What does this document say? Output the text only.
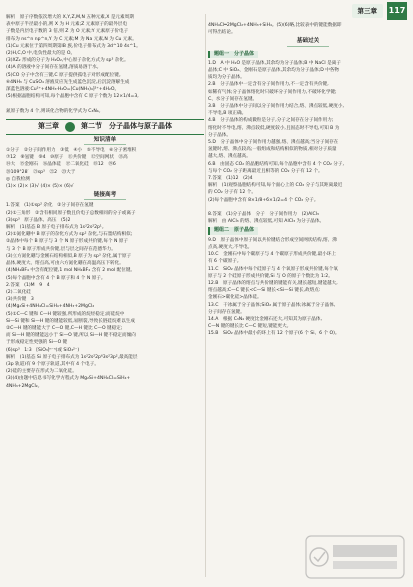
第三章	117
解析　原子序数依次增大的 X,Y,Z,M,N 五种元素,X 是元素周期
表中原子半径最小的,则 X 为 H 元素;Z 元素原子的最外层电
子数是内层电子数的 3 倍,则 Z 为 O 元素;Y 元素原子价电子
排布为 ns^n np^n,Y 为 C 元素;M 为 Na 元素,N 为 Cu 元素。
(1)Cu 元素位于第四周期第ⅠB 族,价电子排布式为 3d^10 4s^1。
(2)H,C,O 中,电负性最大的是 O。
(3)XZ₂ 形成的分子为 H₂O₂,中心原子杂化方式为 sp³ 杂化。
(4)A 的溶液中分子间存在氢键,溶质易溶于水。
(5)CO 分子中含有三键,C 原子提供孤电子对形成配位键。
⑥4NH₃ 与 CuSO₄ 溶液反应先生成蓝色沉淀,后沉淀溶解生成
深蓝色溶液:Cu²⁺+4NH₃·H₂O=[Cu(NH₃)₄]²⁺+4H₂O。
(5)根据晶胞结构可知,每个晶胞中含有 C 原子个数为 12×1/4=3,

氮原子数为 4 个,则该化合物的化学式为 C₃N₄。
第三章	第二节　分子晶体与原子晶体
知识清单
①分子　②分子间作用力　③低　④小　⑤不导电　⑥分子密堆积
⑦12　⑧氢键　⑨4　⑩原子　⑪共价键　⑫空间网状　⑬高
⑭大　⑮金刚石　⑯晶体硅　⑰二氧化硅　⑱12　⑲6
⑳109°28′　㉑sp³　㉒2　㉓大于
◎ 自我检测
(1)× (2)× (3)√ (4)× (5)× (6)√
链接高考
1.答案　(1)①sp² 杂化　②分子间存在氢键
(2)①三角形　②含有相同原子数且价电子总数相同的分子或离子
(3)sp³　原子晶体、高压　(5)2
解析　(1)基态 B 原子电子排布式为 1s²2s²2p¹。
(2)①氮化硼中 B 原子的杂化方式为 sp² 杂化,与石墨结构相似;
②晶体中每个 B 原子与 3 个 N 原子形成共价键,每个 N 原子
与 3 个 B 原子形成共价键,层与层之间存在范德华力。
(3)立方氮化硼与金刚石结构相似,B 原子为 sp³ 杂化,属于原子
晶体,硬度大、熔点高,可由六方氮化硼在高温高压下转化。
(4)NH₄BF₄ 中含有配位键,1 mol NH₄BF₄ 含有 2 mol 配位键。
(5)每个晶胞中含有 4 个 B 原子和 4 个 N 原子。
2.答案　(1)M　9　4
(2)二氧化硅
(3)共价键　3
(4)Mg₂Si+4NH₄Cl=SiH₄+4NH₃+2MgCl₂
(5)①C—C 键和 C—H 键较强,所形成的烷烃稳定;而硅烷中
Si—Si 键和 Si—H 键的键能较低,易断裂,导致长链硅烷难以生成
②C—H 键的键能大于 C—O 键,C—H 键比 C—O 键稳定;
而 Si—H 键的键能远小于 Si—O 键,所以 Si—H 键不稳定而倾向
于形成稳定性更强的 Si—O 键
(6)sp³　1:3　[SiO₃]ⁿ⁻ⁿ(或 SiO₃²⁻)
解析　(1)基态 Si 原子电子排布式为 1s²2s²2p⁶3s²3p²,最高能层
(3p 轨道)有 9 个原子轨道,其中有 4 个电子。
(2)硅的主要存在形式为二氧化硅。
(3)(4)由题中信息书写化学方程式为 Mg₂Si+4NH₄Cl=SiH₄+
4NH₃+2MgCl₂。
4NH₄Cl═2MgCl₂+4NH₃+SiH₄。(5)(6)略,比较表中的键能数据即
可得出结论。
基础过关
题组一　分子晶体
1.D　A 中 H₂O 是原子晶体,其余均为分子晶体;B 中 NaCl 是离子
晶体;C 中 SiO₂、金刚石是原子晶体,其余均为分子晶体;D 中各物
质均为分子晶体。
2.B　分子晶体中一定含有分子间作用力,不一定含有共价键,
如稀有气体;分子晶体熔化时只破坏分子间作用力,不破坏化学键;
C、水分子间存在氢键。
3.B　分子晶体中分子间以分子间作用力结合,熔、沸点较低,硬度小,
不导电,B 项正确。
4.B　分子晶体的构成微粒是分子,分子之间存在分子间作用力;
熔化时不导电,熔、沸点较低,硬度较小,且固态时不导电,可知 B 为
分子晶体。
5.D　分子晶体中分子间作用力越强,熔、沸点越高;当分子间存在
氢键时,熔、沸点较高;一般组成和结构相似的物质,相对分子质量
越大,熔、沸点越高。
6.B　由固态 CO₂ 的晶胞结构可知,每个晶胞中含有 4 个 CO₂ 分子,
与每个 CO₂ 分子距离最近且相等的 CO₂ 分子有 12 个。
7.答案　(1)12　(2)4
解析　(1)观察晶胞结构可知,每个面心上的 CO₂ 分子与其距离最近
的 CO₂ 分子有 12 个。
(2)每个晶胞中含有 8×1/8+6×1/2=4 个 CO₂ 分子。

8.答案　(1)分子晶体　分子　分子间作用力　(2)AlCl₃
解析　由 AlCl₃ 的熔、沸点较低,可知 AlCl₃ 为分子晶体。
题组二　原子晶体
9.D　原子晶体中原子间以共价键结合形成空间网状结构,熔、沸
点高,硬度大,不导电。
10.C　金刚石中每个碳原子与 4 个碳原子形成共价键,最小环上
有 6 个碳原子。
11.C　SiO₂ 晶体中每个硅原子与 4 个氧原子形成共价键,每个氧
原子与 2 个硅原子形成共价键,Si 与 O 的原子个数比为 1:2。
12.B　原子晶体的熔点与共价键的键能有关,键长越短,键能越大,
熔点越高;C—C 键长<C—Si 键长<Si—Si 键长,故熔点:
金刚石>碳化硅>晶体硅。
13.C　干冰属于分子晶体;SiO₂ 属于原子晶体;冰属于分子晶体,
分子间存在氢键。
14.A　根据 C₃N₄ 硬度比金刚石还大,可知其为原子晶体,
C—N 键的键长比 C—C 键短,键能更大。
15.B　SiO₂ 晶体中最小的环上有 12 个原子(6 个 Si、6 个 O)。
